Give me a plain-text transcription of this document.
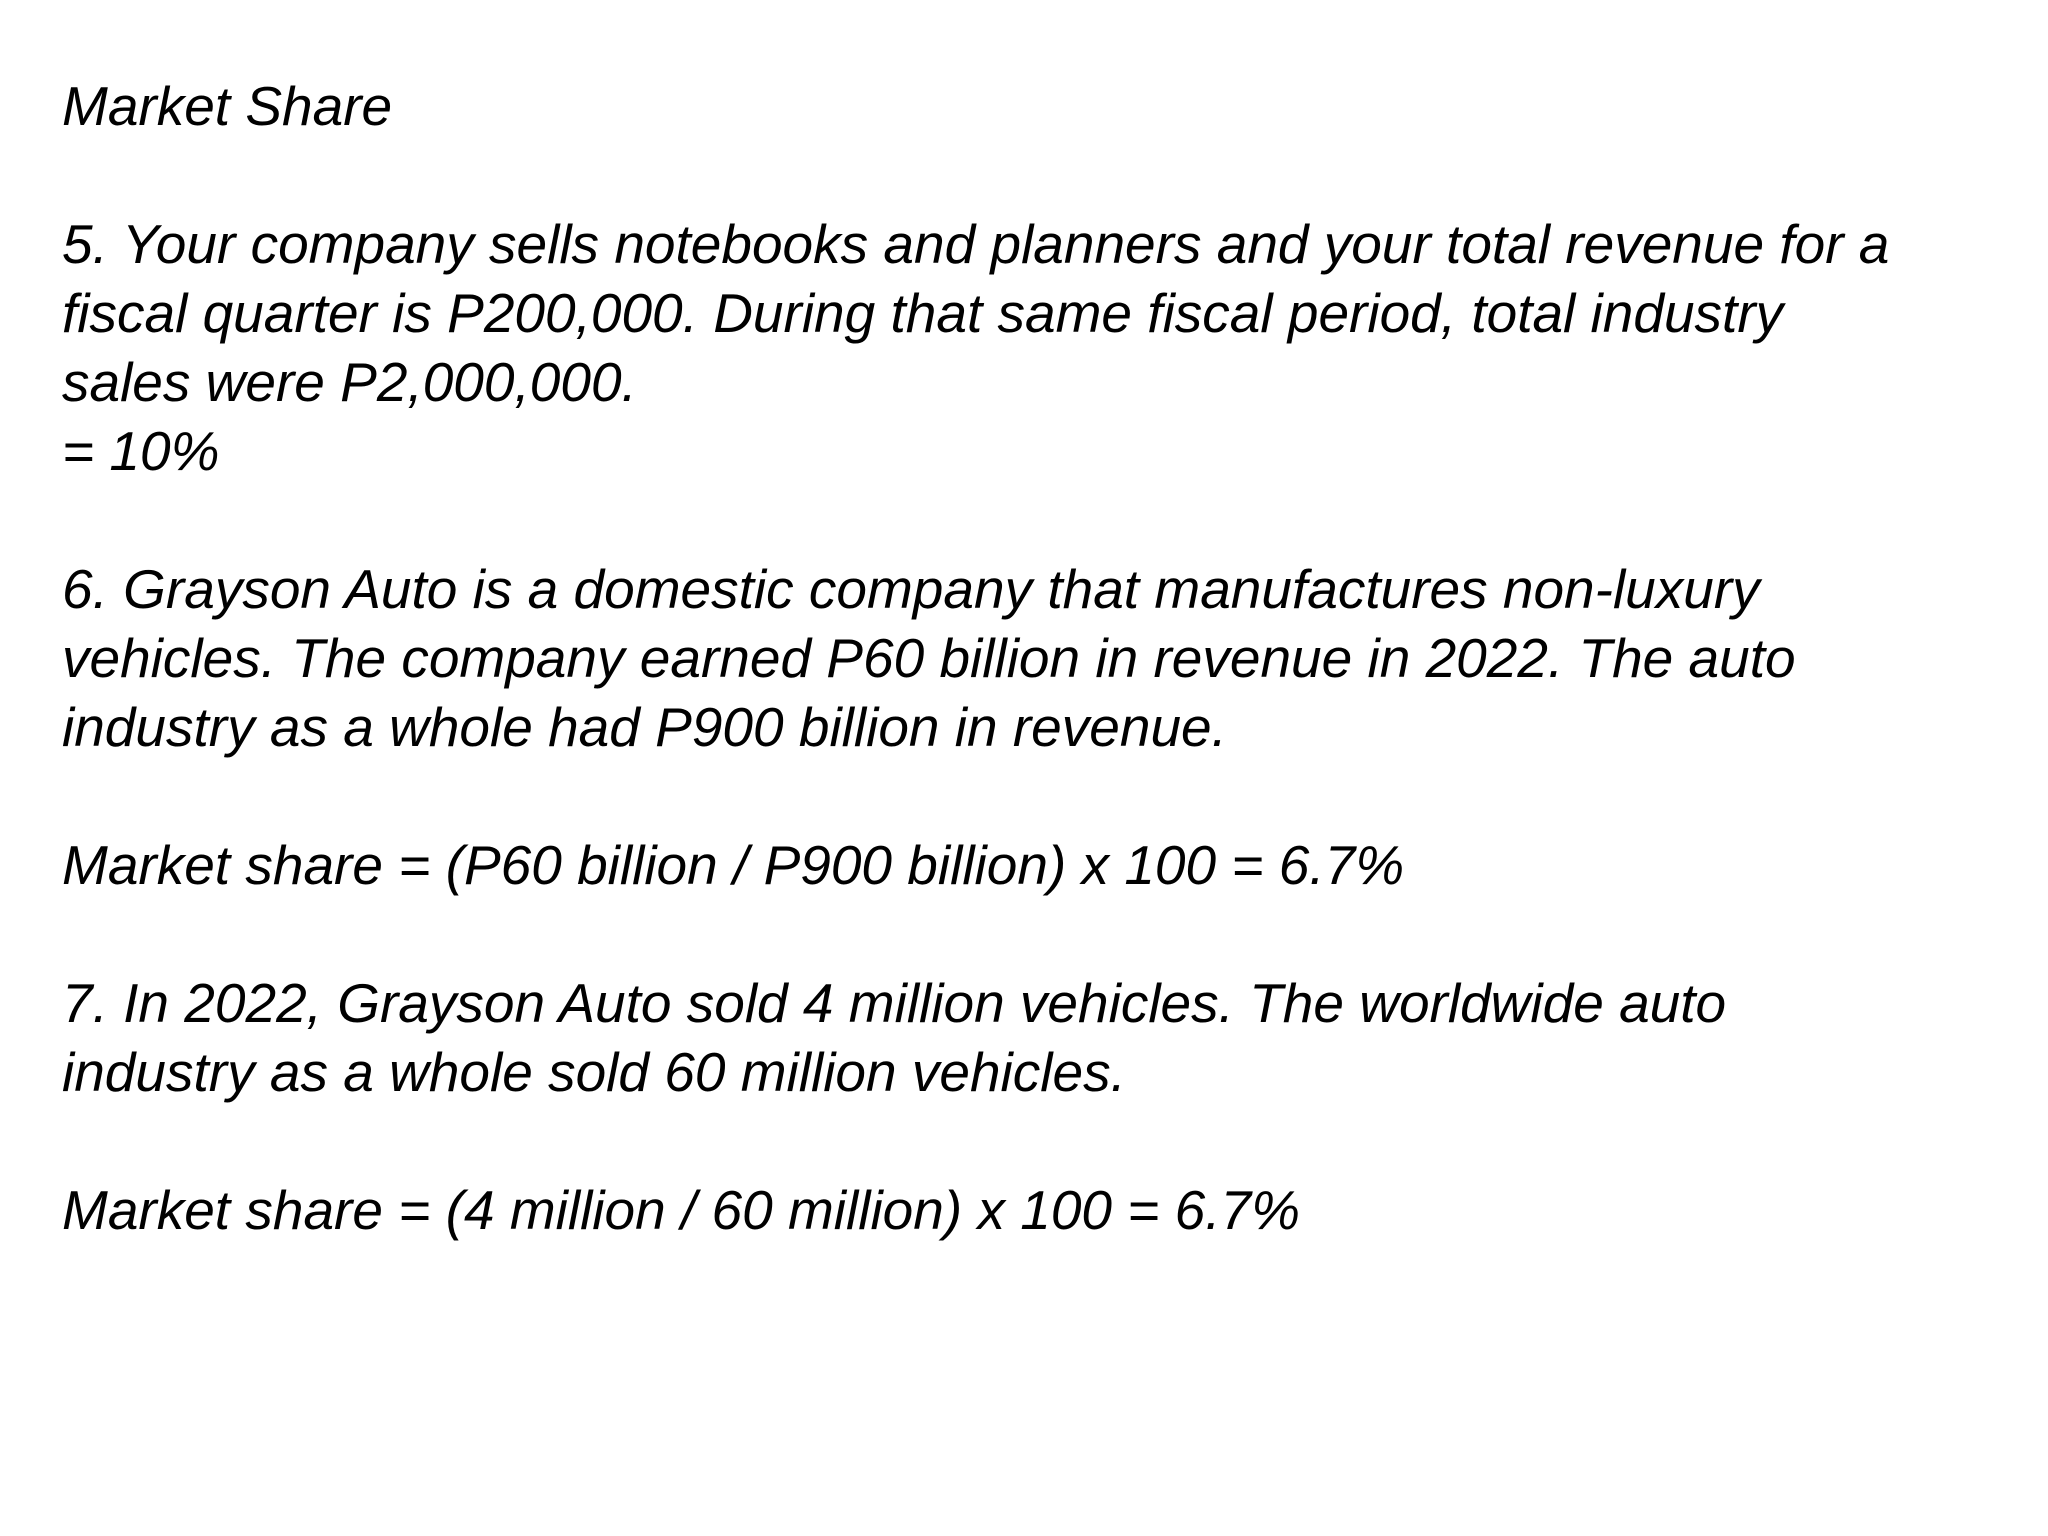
Market Share
5. Your company sells notebooks and planners and your total revenue for a
fiscal quarter is P200,000. During that same fiscal period, total industry
sales were P2,000,000.
= 10%
6. Grayson Auto is a domestic company that manufactures non-luxury
vehicles. The company earned P60 billion in revenue in 2022. The auto
industry as a whole had P900 billion in revenue.
Market share = (P60 billion / P900 billion) x 100 = 6.7%
7. In 2022, Grayson Auto sold 4 million vehicles. The worldwide auto
industry as a whole sold 60 million vehicles.
Market share = (4 million / 60 million) x 100 = 6.7%
